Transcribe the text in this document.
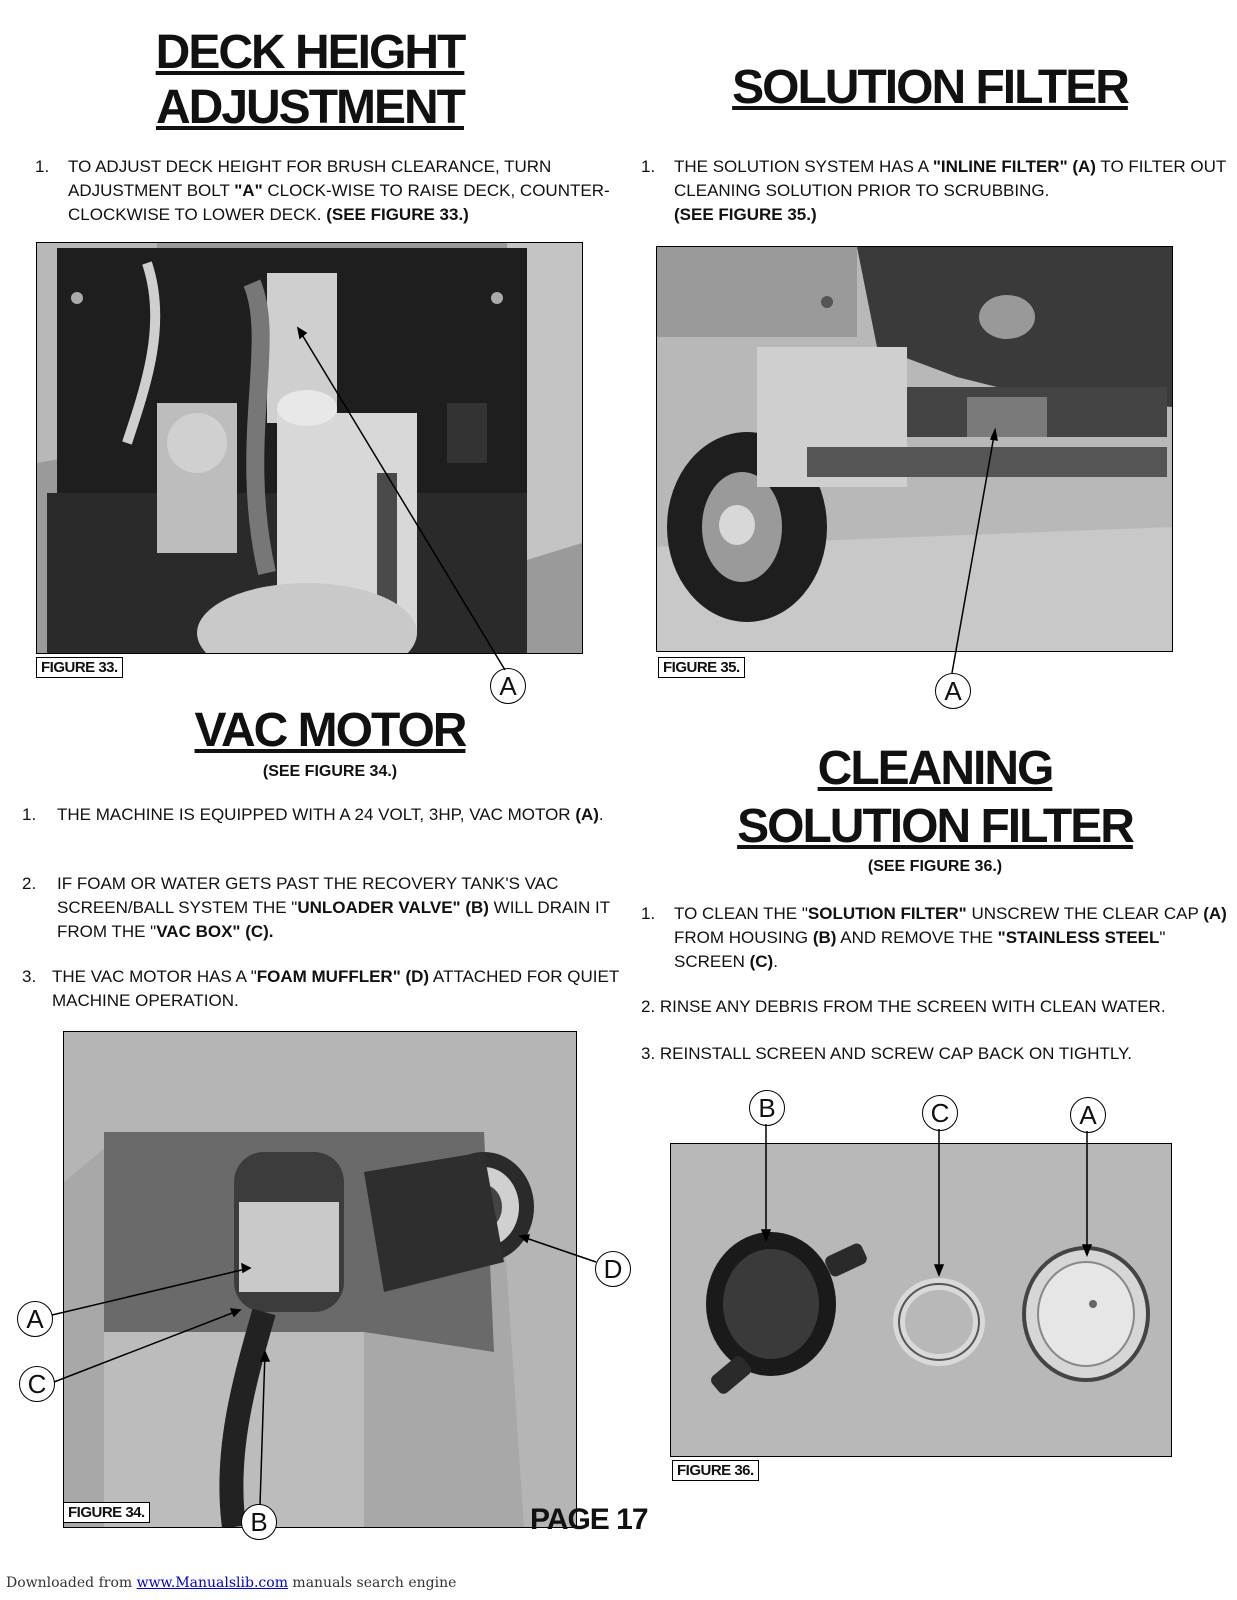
DECK HEIGHT
ADJUSTMENT
1. TO ADJUST DECK HEIGHT FOR BRUSH CLEARANCE, TURN ADJUSTMENT BOLT "A" CLOCK-WISE TO RAISE DECK, COUNTER-CLOCKWISE TO LOWER DECK. (SEE FIGURE 33.)
FIGURE 33.
A
SOLUTION FILTER
1. THE SOLUTION SYSTEM HAS A "INLINE FILTER" (A) TO FILTER OUT CLEANING SOLUTION PRIOR TO SCRUBBING.
(SEE FIGURE 35.)
FIGURE 35.
A
VAC MOTOR
(SEE FIGURE 34.)
1. THE MACHINE IS EQUIPPED WITH A 24 VOLT, 3HP, VAC MOTOR (A).
2. IF FOAM OR WATER GETS PAST THE RECOVERY TANK'S VAC SCREEN/BALL SYSTEM THE "UNLOADER VALVE" (B) WILL DRAIN IT FROM THE "VAC BOX" (C).
3. THE VAC MOTOR HAS A "FOAM MUFFLER" (D) ATTACHED FOR QUIET MACHINE OPERATION.
FIGURE 34.
A
C
D
B
CLEANING
SOLUTION FILTER
(SEE FIGURE 36.)
1. TO CLEAN THE "SOLUTION FILTER" UNSCREW THE CLEAR CAP (A) FROM HOUSING (B) AND REMOVE THE "STAINLESS STEEL" SCREEN (C).
2. RINSE ANY DEBRIS FROM THE SCREEN WITH CLEAN WATER.
3. REINSTALL SCREEN AND SCREW CAP BACK ON TIGHTLY.
B	C	A
FIGURE 36.
PAGE 17
Downloaded from www.Manualslib.com manuals search engine
